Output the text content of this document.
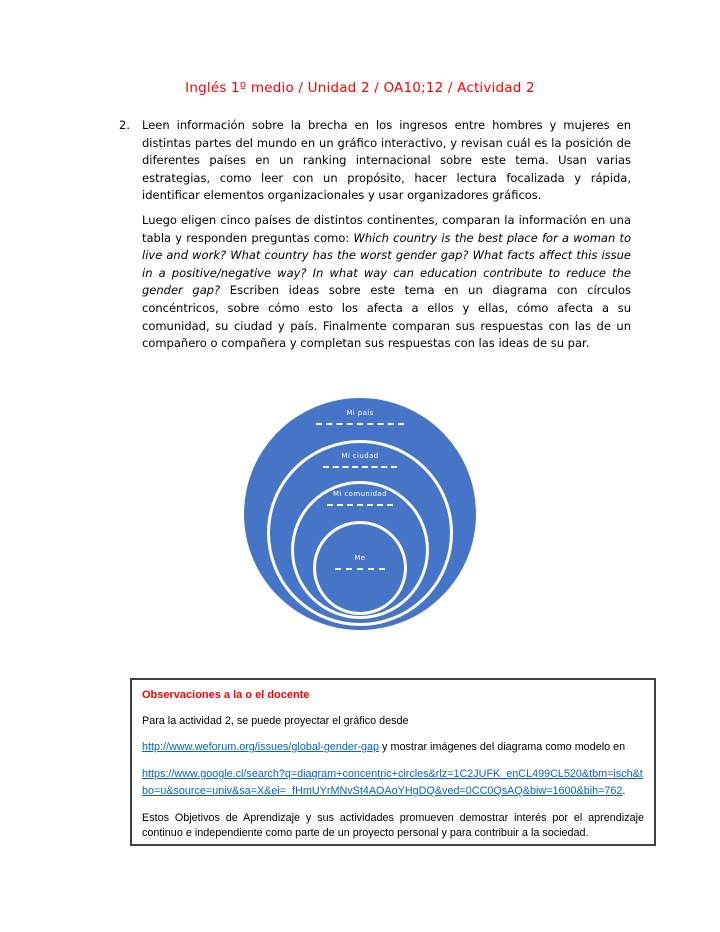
Inglés 1º medio / Unidad 2 / OA10;12 / Actividad 2
2. Leen información sobre la brecha en los ingresos entre hombres y mujeres en distintas partes del mundo en un gráfico interactivo, y revisan cuál es la posición de diferentes países en un ranking internacional sobre este tema. Usan varias estrategias, como leer con un propósito, hacer lectura focalizada y rápida, identificar elementos organizacionales y usar organizadores gráficos.
Luego eligen cinco países de distintos continentes, comparan la información en una tabla y responden preguntas como: Which country is the best place for a woman to live and work? What country has the worst gender gap? What facts affect this issue in a positive/negative way? In what way can education contribute to reduce the gender gap? Escriben ideas sobre este tema en un diagrama con círculos concéntricos, sobre cómo esto los afecta a ellos y ellas, cómo afecta a su comunidad, su ciudad y país. Finalmente comparan sus respuestas con las de un compañero o compañera y completan sus respuestas con las ideas de su par.
Mi país
Mi ciudad
Mi comunidad
Me
Observaciones a la o el docente

Para la actividad 2, se puede proyectar el gráfico desde

http://www.weforum.org/issues/global-gender-gap y mostrar imágenes del diagrama como modelo en

https://www.google.cl/search?q=diagram+concentric+circles&rlz=1C2JUFK_enCL499CL520&tbm=isch&tbo=u&source=univ&sa=X&ei=_fHmUYrMNvSt4AOAoYHgDQ&ved=0CC0QsAQ&biw=1600&bih=762.

Estos Objetivos de Aprendizaje y sus actividades promueven demostrar interés por el aprendizaje continuo e independiente como parte de un proyecto personal y para contribuir a la sociedad.
